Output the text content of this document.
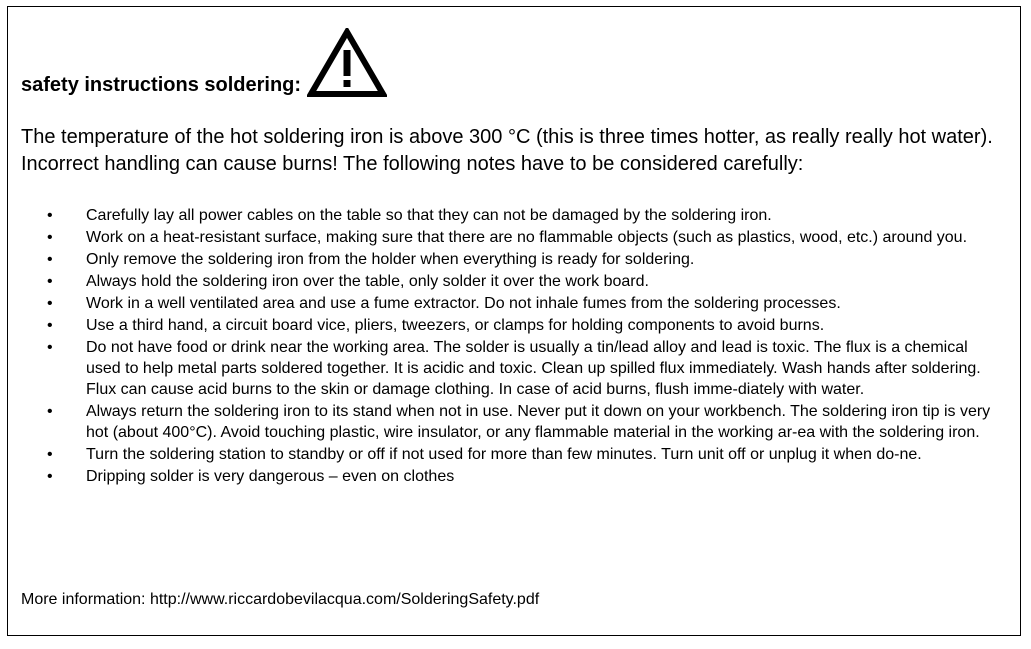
safety instructions soldering:

The temperature of the hot soldering iron is above 300 °C (this is three times hotter, as really really hot water). Incorrect handling can cause burns! The following notes have to be considered carefully:

• Carefully lay all power cables on the table so that they can not be damaged by the soldering iron.
• Work on a heat-resistant surface, making sure that there are no flammable objects (such as plastics, wood, etc.) around you.
• Only remove the soldering iron from the holder when everything is ready for soldering.
• Always hold the soldering iron over the table, only solder it over the work board.
• Work in a well ventilated area and use a fume extractor. Do not inhale fumes from the soldering processes.
• Use a third hand, a circuit board vice, pliers, tweezers, or clamps for holding components to avoid burns.
• Do not have food or drink near the working area. The solder is usually a tin/lead alloy and lead is toxic. The flux is a chemical used to help metal parts soldered together. It is acidic and toxic. Clean up spilled flux immediately. Wash hands after soldering. Flux can cause acid burns to the skin or damage clothing. In case of acid burns, flush imme-diately with water.
• Always return the soldering iron to its stand when not in use. Never put it down on your workbench. The soldering iron tip is very hot (about 400°C). Avoid touching plastic, wire insulator, or any flammable material in the working ar-ea with the soldering iron.
• Turn the soldering station to standby or off if not used for more than few minutes. Turn unit off or unplug it when do-ne.
• Dripping solder is very dangerous – even on clothes

More information: http://www.riccardobevilacqua.com/SolderingSafety.pdf
